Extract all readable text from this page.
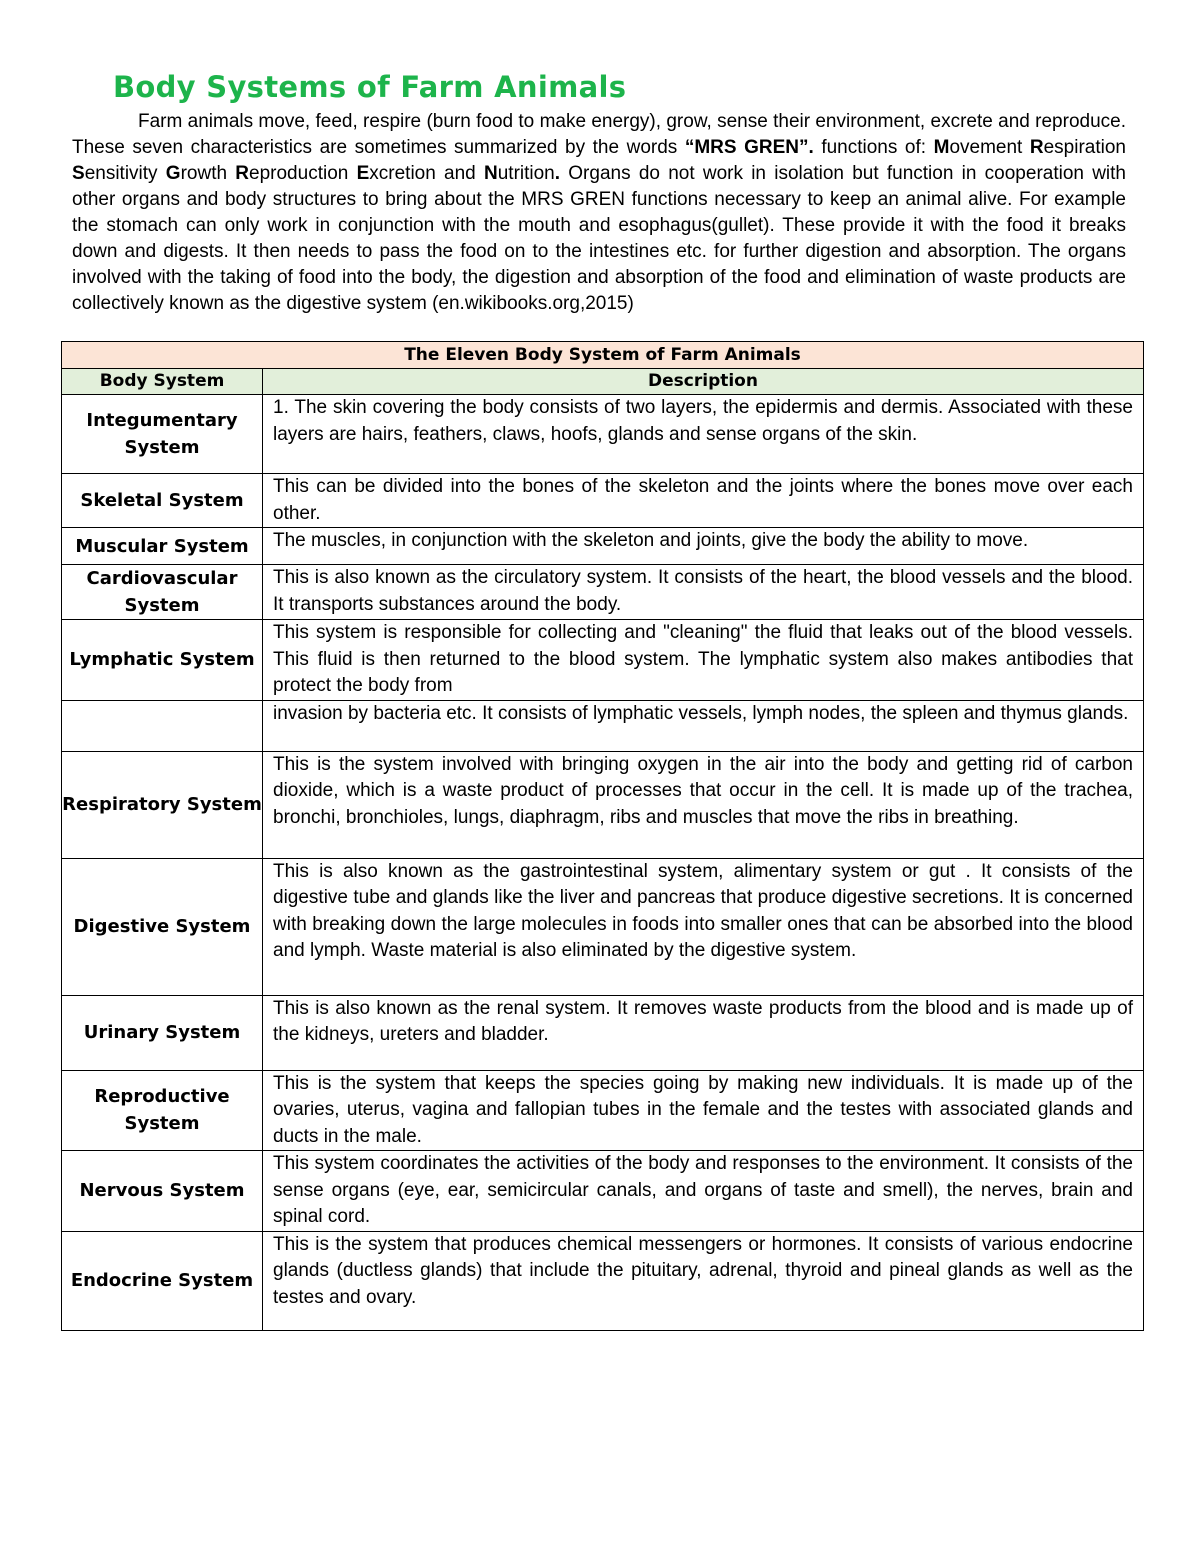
Body Systems of Farm Animals

Farm animals move, feed, respire (burn food to make energy), grow, sense their environment, excrete and reproduce. These seven characteristics are sometimes summarized by the words “MRS GREN”. functions of: Movement Respiration Sensitivity Growth Reproduction Excretion and Nutrition. Organs do not work in isolation but function in cooperation with other organs and body structures to bring about the MRS GREN functions necessary to keep an animal alive. For example the stomach can only work in conjunction with the mouth and esophagus(gullet). These provide it with the food it breaks down and digests. It then needs to pass the food on to the intestines etc. for further digestion and absorption. The organs involved with the taking of food into the body, the digestion and absorption of the food and elimination of waste products are collectively known as the digestive system (en.wikibooks.org,2015)

The Eleven Body System of Farm Animals	
Body System	Description
Integumentary System	1. The skin covering the body consists of two layers, the epidermis and dermis. Associated with these layers are hairs, feathers, claws, hoofs, glands and sense organs of the skin.
Skeletal System	This can be divided into the bones of the skeleton and the joints where the bones move over each other.
Muscular System	The muscles, in conjunction with the skeleton and joints, give the body the ability to move.
Cardiovascular System	This is also known as the circulatory system. It consists of the heart, the blood vessels and the blood. It transports substances around the body.
Lymphatic System	This system is responsible for collecting and "cleaning" the fluid that leaks out of the blood vessels. This fluid is then returned to the blood system. The lymphatic system also makes antibodies that protect the body from
	invasion by bacteria etc. It consists of lymphatic vessels, lymph nodes, the spleen and thymus glands.
Respiratory System	This is the system involved with bringing oxygen in the air into the body and getting rid of carbon dioxide, which is a waste product of processes that occur in the cell. It is made up of the trachea, bronchi, bronchioles, lungs, diaphragm, ribs and muscles that move the ribs in breathing.
Digestive System	This is also known as the gastrointestinal system, alimentary system or gut . It consists of the digestive tube and glands like the liver and pancreas that produce digestive secretions. It is concerned with breaking down the large molecules in foods into smaller ones that can be absorbed into the blood and lymph. Waste material is also eliminated by the digestive system.
Urinary System	This is also known as the renal system. It removes waste products from the blood and is made up of the kidneys, ureters and bladder.
Reproductive System	This is the system that keeps the species going by making new individuals. It is made up of the ovaries, uterus, vagina and fallopian tubes in the female and the testes with associated glands and ducts in the male.
Nervous System	This system coordinates the activities of the body and responses to the environment. It consists of the sense organs (eye, ear, semicircular canals, and organs of taste and smell), the nerves, brain and spinal cord.
Endocrine System	This is the system that produces chemical messengers or hormones. It consists of various endocrine glands (ductless glands) that include the pituitary, adrenal, thyroid and pineal glands as well as the testes and ovary.
